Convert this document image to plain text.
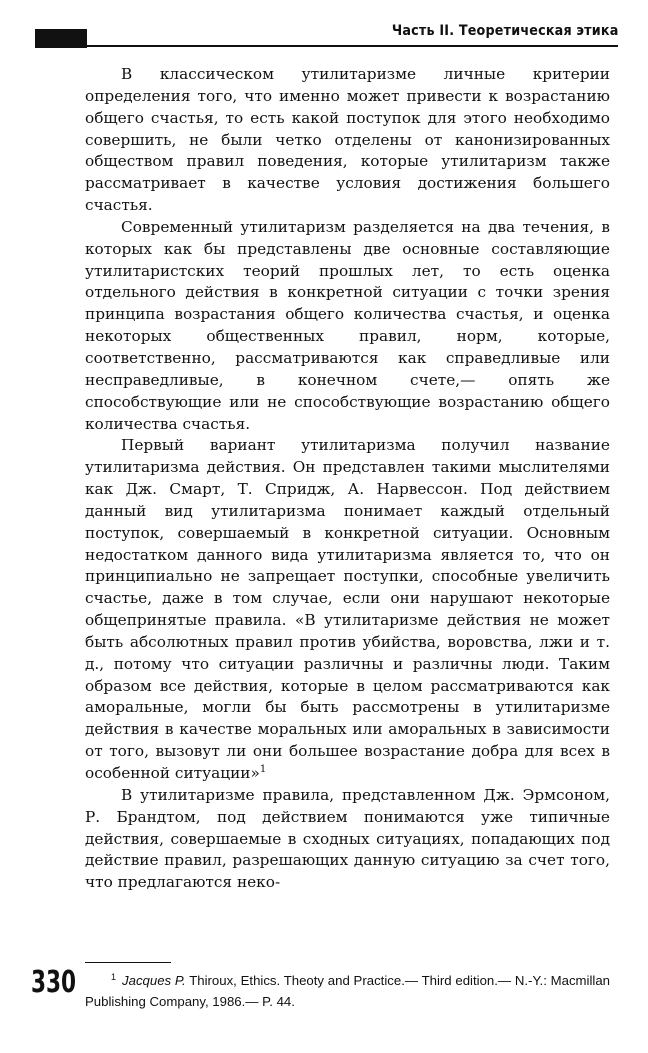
Часть II. Теоретическая этика

В классическом утилитаризме личные критерии определения того, что именно может привести к возрастанию общего счастья, то есть какой поступок для этого необходимо совершить, не были четко отделены от канонизированных обществом правил поведения, которые утилитаризм также рассматривает в качестве условия достижения большего счастья.

Современный утилитаризм разделяется на два течения, в которых как бы представлены две основные составляющие утилитаристских теорий прошлых лет, то есть оценка отдельного действия в конкретной ситуации с точки зрения принципа возрастания общего количества счастья, и оценка некоторых общественных правил, норм, которые, соответственно, рассматриваются как справедливые или несправедливые, в конечном счете,— опять же способствующие или не способствующие возрастанию общего количества счастья.

Первый вариант утилитаризма получил название утилитаризма действия. Он представлен такими мыслителями как Дж. Смарт, Т. Спридж, А. Нарвессон. Под действием данный вид утилитаризма понимает каждый отдельный поступок, совершаемый в конкретной ситуации. Основным недостатком данного вида утилитаризма является то, что он принципиально не запрещает поступки, способные увеличить счастье, даже в том случае, если они нарушают некоторые общепринятые правила. «В утилитаризме действия не может быть абсолютных правил против убийства, воровства, лжи и т. д., потому что ситуации различны и различны люди. Таким образом все действия, которые в целом рассматриваются как аморальные, могли бы быть рассмотрены в утилитаризме действия в качестве моральных или аморальных в зависимости от того, вызовут ли они большее возрастание добра для всех в особенной ситуации»$^1$

В утилитаризме правила, представленном Дж. Эрмсоном, Р. Брандтом, под действием понимаются уже типичные действия, совершаемые в сходных ситуациях, попадающих под действие правил, разрешающих данную ситуацию за счет того, что предлагаются неко-

330	$^1$ Jacques P. Thiroux, Ethics. Theoty and Practice.— Third edition.— N.-Y.: Macmillan Publishing Company, 1986.— P. 44.
